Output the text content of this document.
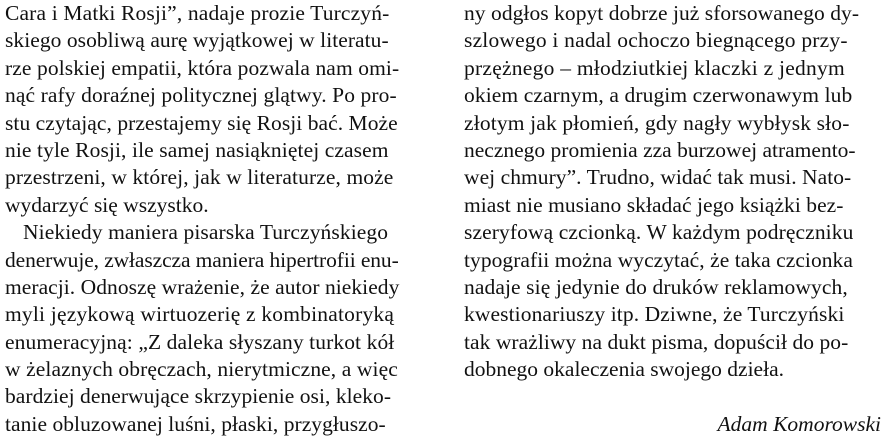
Cara i Matki Rosji”, nadaje prozie Turczyń-
skiego osobliwą aurę wyjątkowej w literatu-
rze polskiej empatii, która pozwala nam omi-
nąć rafy doraźnej politycznej glątwy. Po pro-
stu czytając, przestajemy się Rosji bać. Może
nie tyle Rosji, ile samej nasiąkniętej czasem
przestrzeni, w której, jak w literaturze, może
wydarzyć się wszystko.
Niekiedy maniera pisarska Turczyńskiego
denerwuje, zwłaszcza maniera hipertrofii enu-
meracji. Odnoszę wrażenie, że autor niekiedy
myli językową wirtuozerię z kombinatoryką
enumeracyjną: „Z daleka słyszany turkot kół
w żelaznych obręczach, nierytmiczne, a więc
bardziej denerwujące skrzypienie osi, kleko-
tanie obluzowanej luśni, płaski, przygłuszo-
ny odgłos kopyt dobrze już sforsowanego dy-
szlowego i nadal ochoczo biegnącego przy-
przężnego – młodziutkiej klaczki z jednym
okiem czarnym, a drugim czerwonawym lub
złotym jak płomień, gdy nagły wybłysk sło-
necznego promienia zza burzowej atramento-
wej chmury”. Trudno, widać tak musi. Nato-
miast nie musiano składać jego książki bez-
szeryfową czcionką. W każdym podręczniku
typografii można wyczytać, że taka czcionka
nadaje się jedynie do druków reklamowych,
kwestionariuszy itp. Dziwne, że Turczyński
tak wrażliwy na dukt pisma, dopuścił do po-
dobnego okaleczenia swojego dzieła.
Adam Komorowski
